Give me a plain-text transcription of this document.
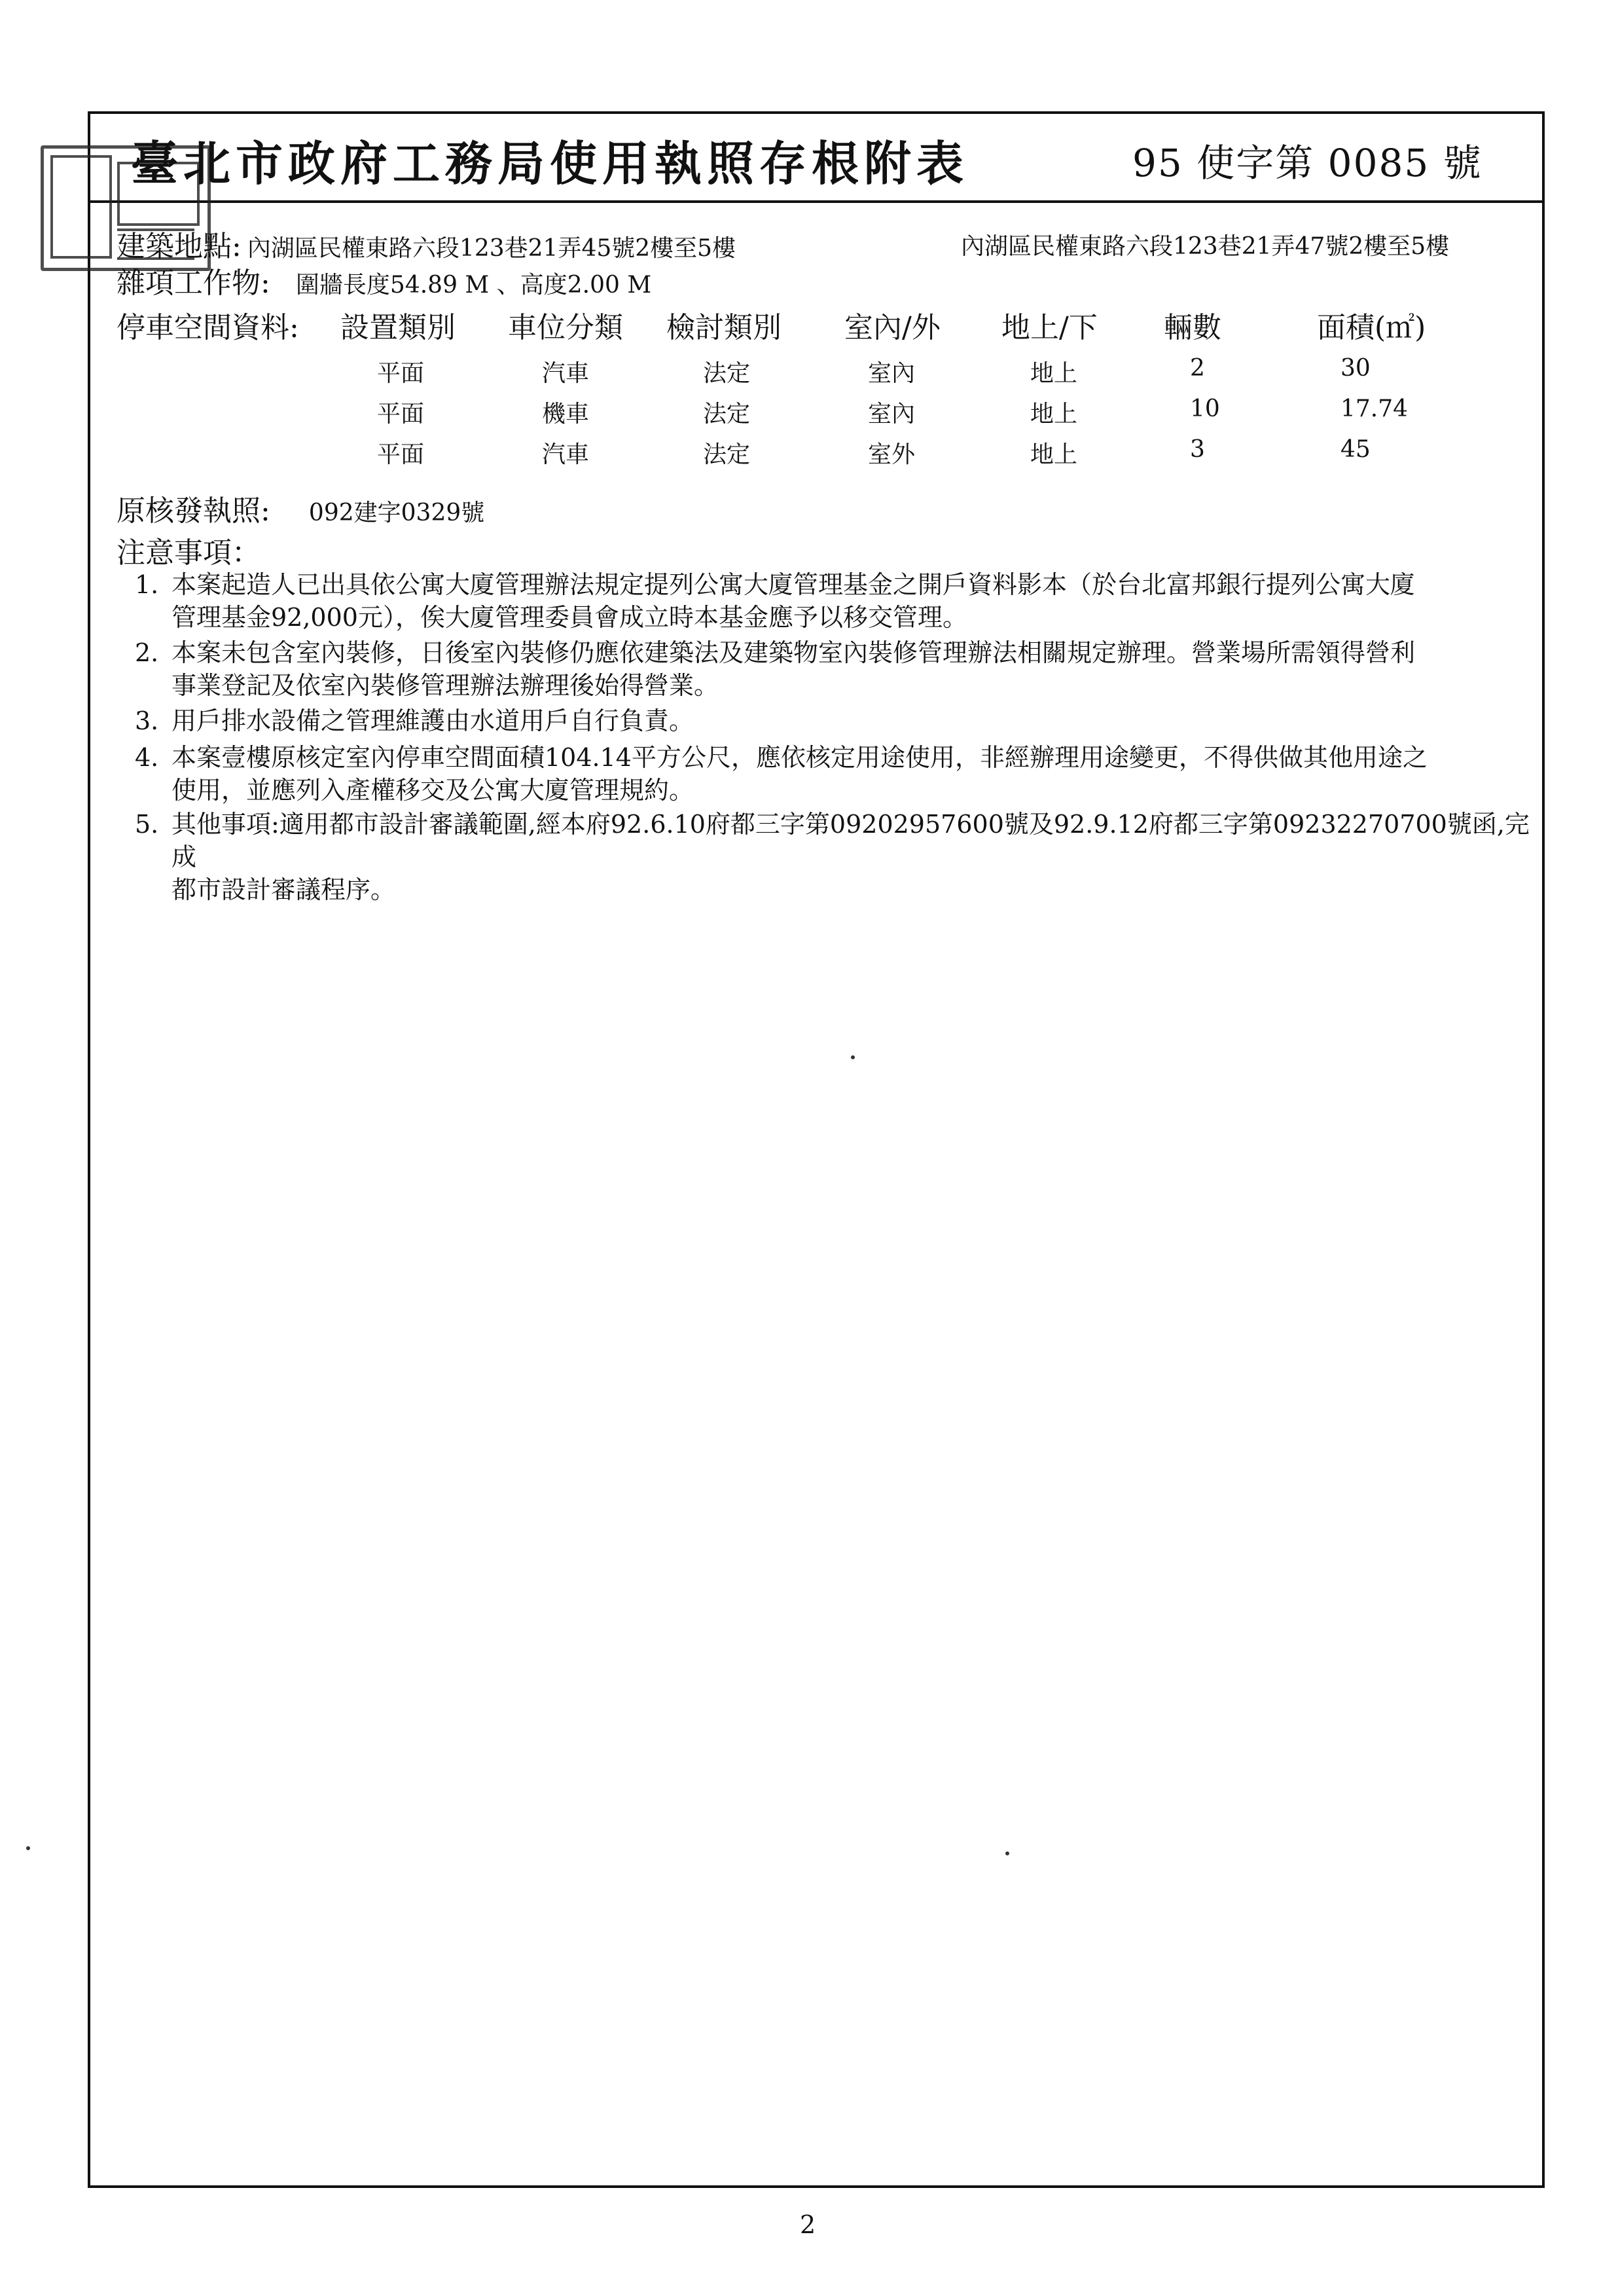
臺北市政府工務局使用執照存根附表	95 使字第 0085 號
建築地點: 內湖區民權東路六段123巷21弄45號2樓至5樓	內湖區民權東路六段123巷21弄47號2樓至5樓
雜項工作物: 圍牆長度54.89 M 、高度2.00 M
停車空間資料: 設置類別 車位分類 檢討類別 室內/外 地上/下 輛數	面積(㎡)
平面	汽車	法定	室內	地上	2	30
平面	機車	法定	室內	地上	10	17.74
平面	汽車	法定	室外	地上	3	45
原核發執照: 092建字0329號
注意事項：
1. 本案起造人已出具依公寓大廈管理辦法規定提列公寓大廈管理基金之開戶資料影本（於台北富邦銀行提列公寓大廈
管理基金92,000元），俟大廈管理委員會成立時本基金應予以移交管理。
2. 本案未包含室內裝修，日後室內裝修仍應依建築法及建築物室內裝修管理辦法相關規定辦理。營業場所需領得營利
事業登記及依室內裝修管理辦法辦理後始得營業。
3. 用戶排水設備之管理維護由水道用戶自行負責。
4. 本案壹樓原核定室內停車空間面積104.14平方公尺，應依核定用途使用，非經辦理用途變更，不得供做其他用途之
使用，並應列入產權移交及公寓大廈管理規約。
5. 其他事項:適用都市設計審議範圍,經本府92.6.10府都三字第09202957600號及92.9.12府都三字第09232270700號函,完成
都市設計審議程序。
2
